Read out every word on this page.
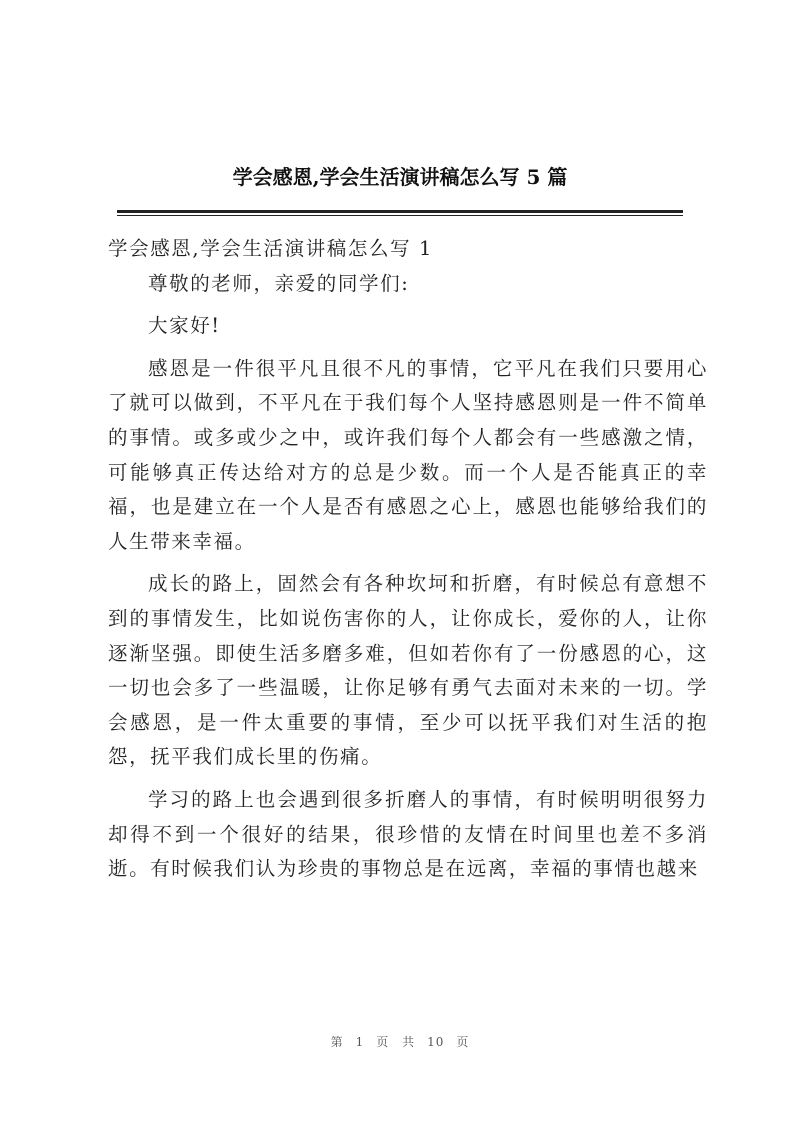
学会感恩,学会生活演讲稿怎么写 5 篇

学会感恩,学会生活演讲稿怎么写 1

尊敬的老师，亲爱的同学们:

大家好!

感恩是一件很平凡且很不凡的事情，它平凡在我们只要用心了就可以做到，不平凡在于我们每个人坚持感恩则是一件不简单的事情。或多或少之中，或许我们每个人都会有一些感激之情，可能够真正传达给对方的总是少数。而一个人是否能真正的幸福，也是建立在一个人是否有感恩之心上，感恩也能够给我们的人生带来幸福。

成长的路上，固然会有各种坎坷和折磨，有时候总有意想不到的事情发生，比如说伤害你的人，让你成长，爱你的人，让你逐渐坚强。即使生活多磨多难，但如若你有了一份感恩的心，这一切也会多了一些温暖，让你足够有勇气去面对未来的一切。学会感恩，是一件太重要的事情，至少可以抚平我们对生活的抱怨，抚平我们成长里的伤痛。

学习的路上也会遇到很多折磨人的事情，有时候明明很努力却得不到一个很好的结果，很珍惜的友情在时间里也差不多消逝。有时候我们认为珍贵的事物总是在远离，幸福的事情也越来

第 1 页 共 10 页
